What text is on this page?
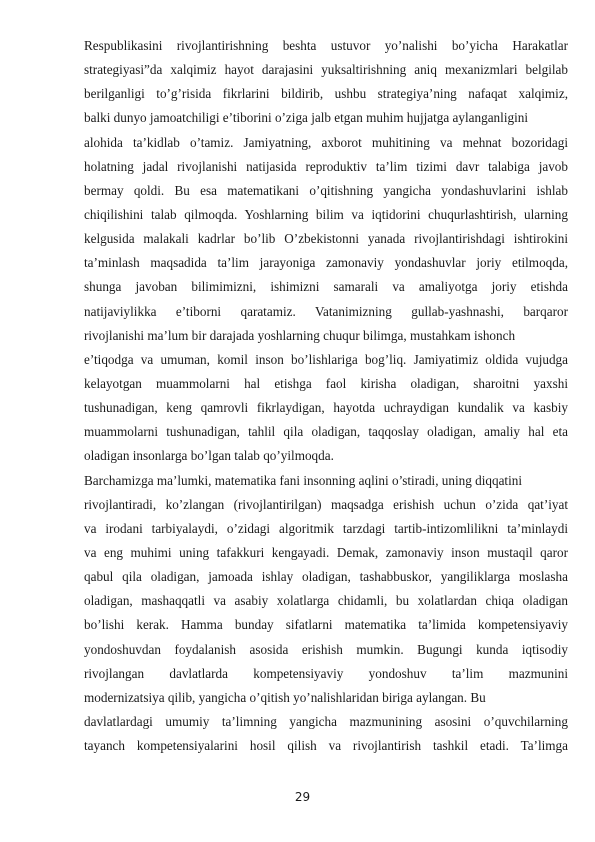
Respublikasini rivojlantirishning beshta ustuvor yo’nalishi bo’yicha Harakatlar
strategiyasi”da xalqimiz hayot darajasini yuksaltirishning aniq mexanizmlari belgilab
berilganligi to’g’risida fikrlarini bildirib, ushbu strategiya’ning nafaqat xalqimiz,
balki dunyo jamoatchiligi e’tiborini o’ziga jalb etgan muhim hujjatga aylanganligini
alohida ta’kidlab o’tamiz. Jamiyatning, axborot muhitining va mehnat bozoridagi
holatning jadal rivojlanishi natijasida reproduktiv ta’lim tizimi davr talabiga javob
bermay qoldi. Bu esa matematikani o’qitishning yangicha yondashuvlarini ishlab
chiqilishini talab qilmoqda. Yoshlarning bilim va iqtidorini chuqurlashtirish, ularning
kelgusida malakali kadrlar bo’lib O’zbekistonni yanada rivojlantirishdagi ishtirokini
ta’minlash maqsadida ta’lim jarayoniga zamonaviy yondashuvlar joriy etilmoqda,
shunga javoban bilimimizni, ishimizni samarali va amaliyotga joriy etishda
natijaviylikka e’tiborni qaratamiz. Vatanimizning gullab-yashnashi, barqaror
rivojlanishi ma’lum bir darajada yoshlarning chuqur bilimga, mustahkam ishonch
e’tiqodga va umuman, komil inson bo’lishlariga bog’liq. Jamiyatimiz oldida vujudga
kelayotgan muammolarni hal etishga faol kirisha oladigan, sharoitni yaxshi
tushunadigan, keng qamrovli fikrlaydigan, hayotda uchraydigan kundalik va kasbiy
muammolarni tushunadigan, tahlil qila oladigan, taqqoslay oladigan, amaliy hal eta
oladigan insonlarga bo’lgan talab qo’yilmoqda.
Barchamizga ma’lumki, matematika fani insonning aqlini o’stiradi, uning diqqatini
rivojlantiradi, ko’zlangan (rivojlantirilgan) maqsadga erishish uchun o’zida qat’iyat
va irodani tarbiyalaydi, o’zidagi algoritmik tarzdagi tartib-intizomlilikni ta’minlaydi
va eng muhimi uning tafakkuri kengayadi. Demak, zamonaviy inson mustaqil qaror
qabul qila oladigan, jamoada ishlay oladigan, tashabbuskor, yangiliklarga moslasha
oladigan, mashaqqatli va asabiy xolatlarga chidamli, bu xolatlardan chiqa oladigan
bo’lishi kerak. Hamma bunday sifatlarni matematika ta’limida kompetensiyaviy
yondoshuvdan foydalanish asosida erishish mumkin. Bugungi kunda iqtisodiy
rivojlangan davlatlarda kompetensiyaviy yondoshuv ta’lim mazmunini
modernizatsiya qilib, yangicha o’qitish yo’nalishlaridan biriga aylangan. Bu
davlatlardagi umumiy ta’limning yangicha mazmunining asosini o’quvchilarning
tayanch kompetensiyalarini hosil qilish va rivojlantirish tashkil etadi. Ta’limga
29
